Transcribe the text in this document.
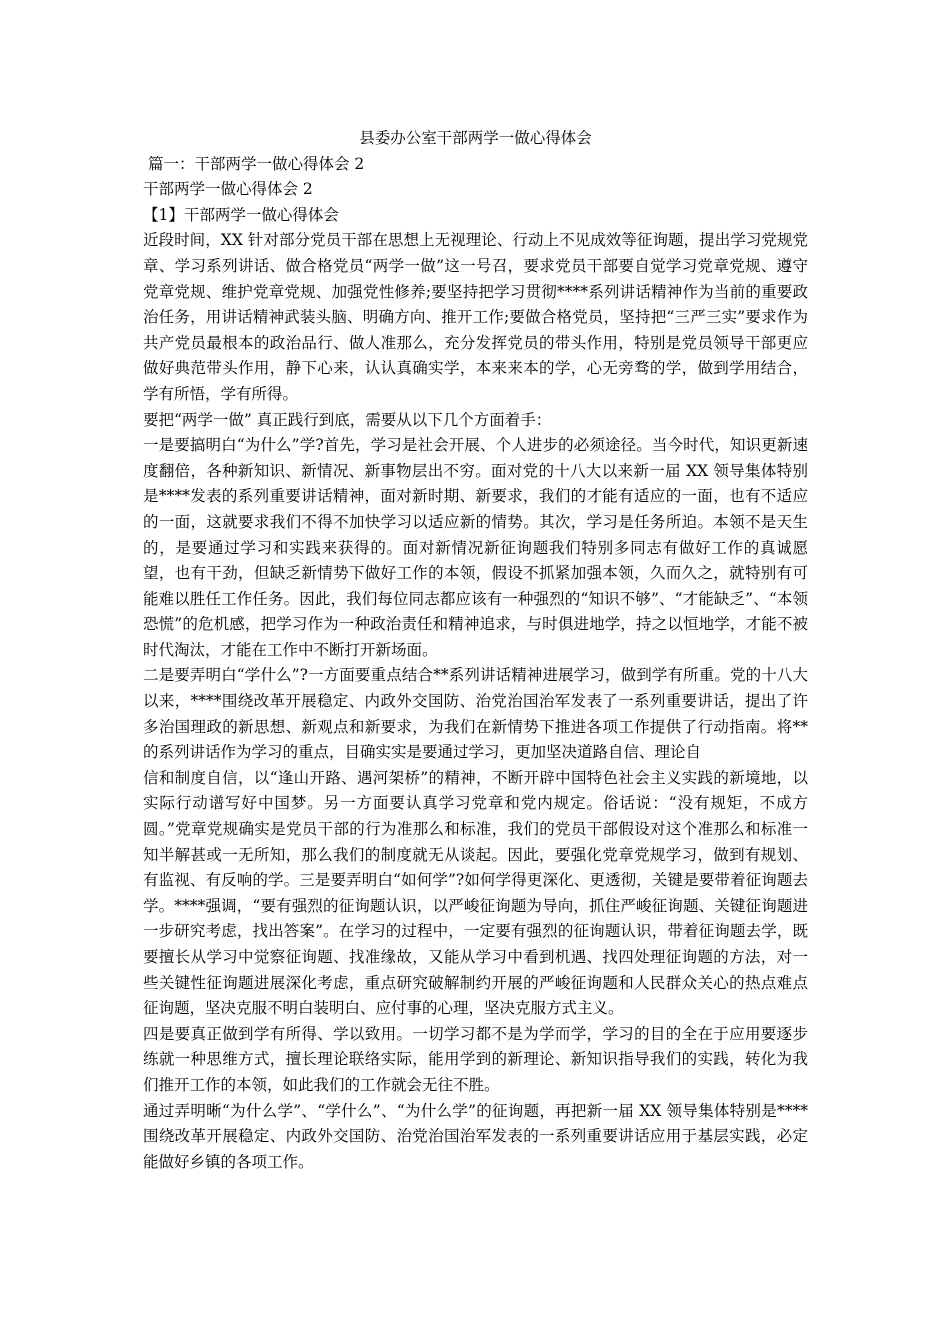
县委办公室干部两学一做心得体会

篇一：干部两学一做心得体会 2

干部两学一做心得体会 2

【1】干部两学一做心得体会

近段时间，XX 针对部分党员干部在思想上无视理论、行动上不见成效等征询题，提出学习党规党章、学习系列讲话、做合格党员“两学一做”这一号召，要求党员干部要自觉学习党章党规、遵守党章党规、维护党章党规、加强党性修养;要坚持把学习贯彻****系列讲话精神作为当前的重要政治任务，用讲话精神武装头脑、明确方向、推开工作;要做合格党员，坚持把“三严三实”要求作为共产党员最根本的政治品行、做人准那么，充分发挥党员的带头作用，特别是党员领导干部更应做好典范带头作用，静下心来，认认真确实学，本来来本的学，心无旁骛的学，做到学用结合，学有所悟，学有所得。

要把“两学一做” 真正践行到底，需要从以下几个方面着手：

一是要搞明白“为什么”学?首先，学习是社会开展、个人进步的必须途径。当今时代，知识更新速度翻倍，各种新知识、新情况、新事物层出不穷。面对党的十八大以来新一届 XX 领导集体特别是****发表的系列重要讲话精神，面对新时期、新要求，我们的才能有适应的一面，也有不适应的一面，这就要求我们不得不加快学习以适应新的情势。其次，学习是任务所迫。本领不是天生的，是要通过学习和实践来获得的。面对新情况新征询题我们特别多同志有做好工作的真诚愿望，也有干劲，但缺乏新情势下做好工作的本领，假设不抓紧加强本领，久而久之，就特别有可能难以胜任工作任务。因此，我们每位同志都应该有一种强烈的“知识不够”、“才能缺乏”、“本领恐慌”的危机感，把学习作为一种政治责任和精神追求，与时俱进地学，持之以恒地学，才能不被时代淘汰，才能在工作中不断打开新场面。

二是要弄明白“学什么”?一方面要重点结合**系列讲话精神进展学习，做到学有所重。党的十八大以来，****围绕改革开展稳定、内政外交国防、治党治国治军发表了一系列重要讲话，提出了许多治国理政的新思想、新观点和新要求，为我们在新情势下推进各项工作提供了行动指南。将**的系列讲话作为学习的重点，目确实实是要通过学习，更加坚决道路自信、理论自

信和制度自信，以“逢山开路、遇河架桥”的精神，不断开辟中国特色社会主义实践的新境地，以实际行动谱写好中国梦。另一方面要认真学习党章和党内规定。俗话说：“没有规矩，不成方圆。”党章党规确实是党员干部的行为准那么和标准，我们的党员干部假设对这个准那么和标准一知半解甚或一无所知，那么我们的制度就无从谈起。因此，要强化党章党规学习，做到有规划、有监视、有反响的学。三是要弄明白“如何学”?如何学得更深化、更透彻，关键是要带着征询题去学。****强调，“要有强烈的征询题认识，以严峻征询题为导向，抓住严峻征询题、关键征询题进一步研究考虑，找出答案”。在学习的过程中，一定要有强烈的征询题认识，带着征询题去学，既要擅长从学习中觉察征询题、找准缘故，又能从学习中看到机遇、找四处理征询题的方法，对一些关键性征询题进展深化考虑，重点研究破解制约开展的严峻征询题和人民群众关心的热点难点征询题，坚决克服不明白装明白、应付事的心理，坚决克服方式主义。

四是要真正做到学有所得、学以致用。一切学习都不是为学而学，学习的目的全在于应用要逐步练就一种思维方式，擅长理论联络实际，能用学到的新理论、新知识指导我们的实践，转化为我们推开工作的本领，如此我们的工作就会无往不胜。

通过弄明晰“为什么学”、“学什么”、“为什么学”的征询题，再把新一届 XX 领导集体特别是****围绕改革开展稳定、内政外交国防、治党治国治军发表的一系列重要讲话应用于基层实践，必定能做好乡镇的各项工作。
